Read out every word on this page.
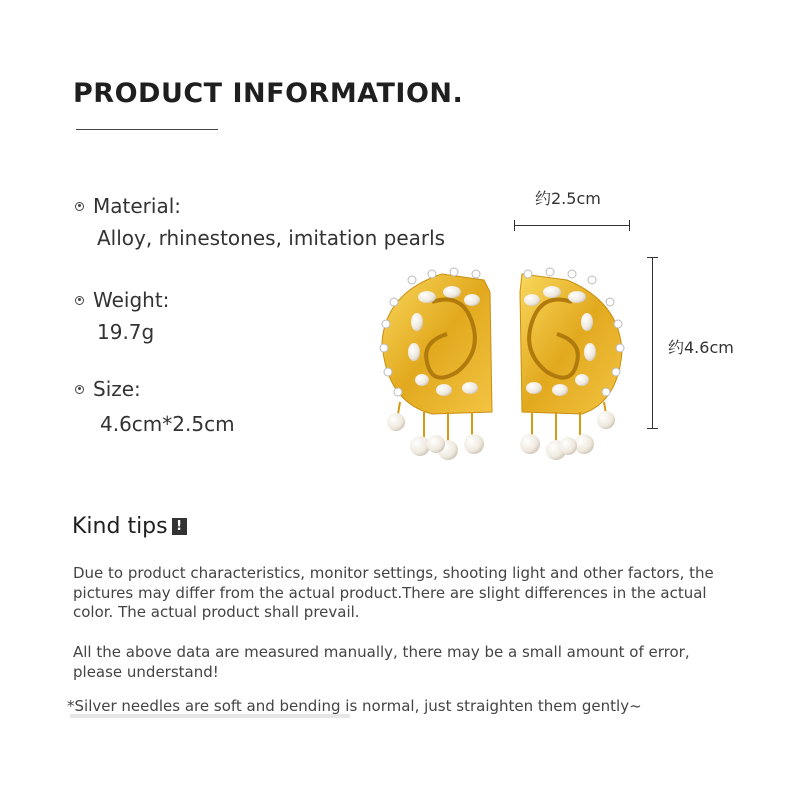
PRODUCT INFORMATION.
Material:
Alloy, rhinestones, imitation pearls
Weight:
19.7g
Size:
4.6cm*2.5cm
约2.5cm
约4.6cm
Kind tips !
Due to product characteristics, monitor settings, shooting light and other factors, the pictures may differ from the actual product.There are slight differences in the actual color. The actual product shall prevail.
All the above data are measured manually, there may be a small amount of error, please understand!
*Silver needles are soft and bending is normal, just straighten them gently~
